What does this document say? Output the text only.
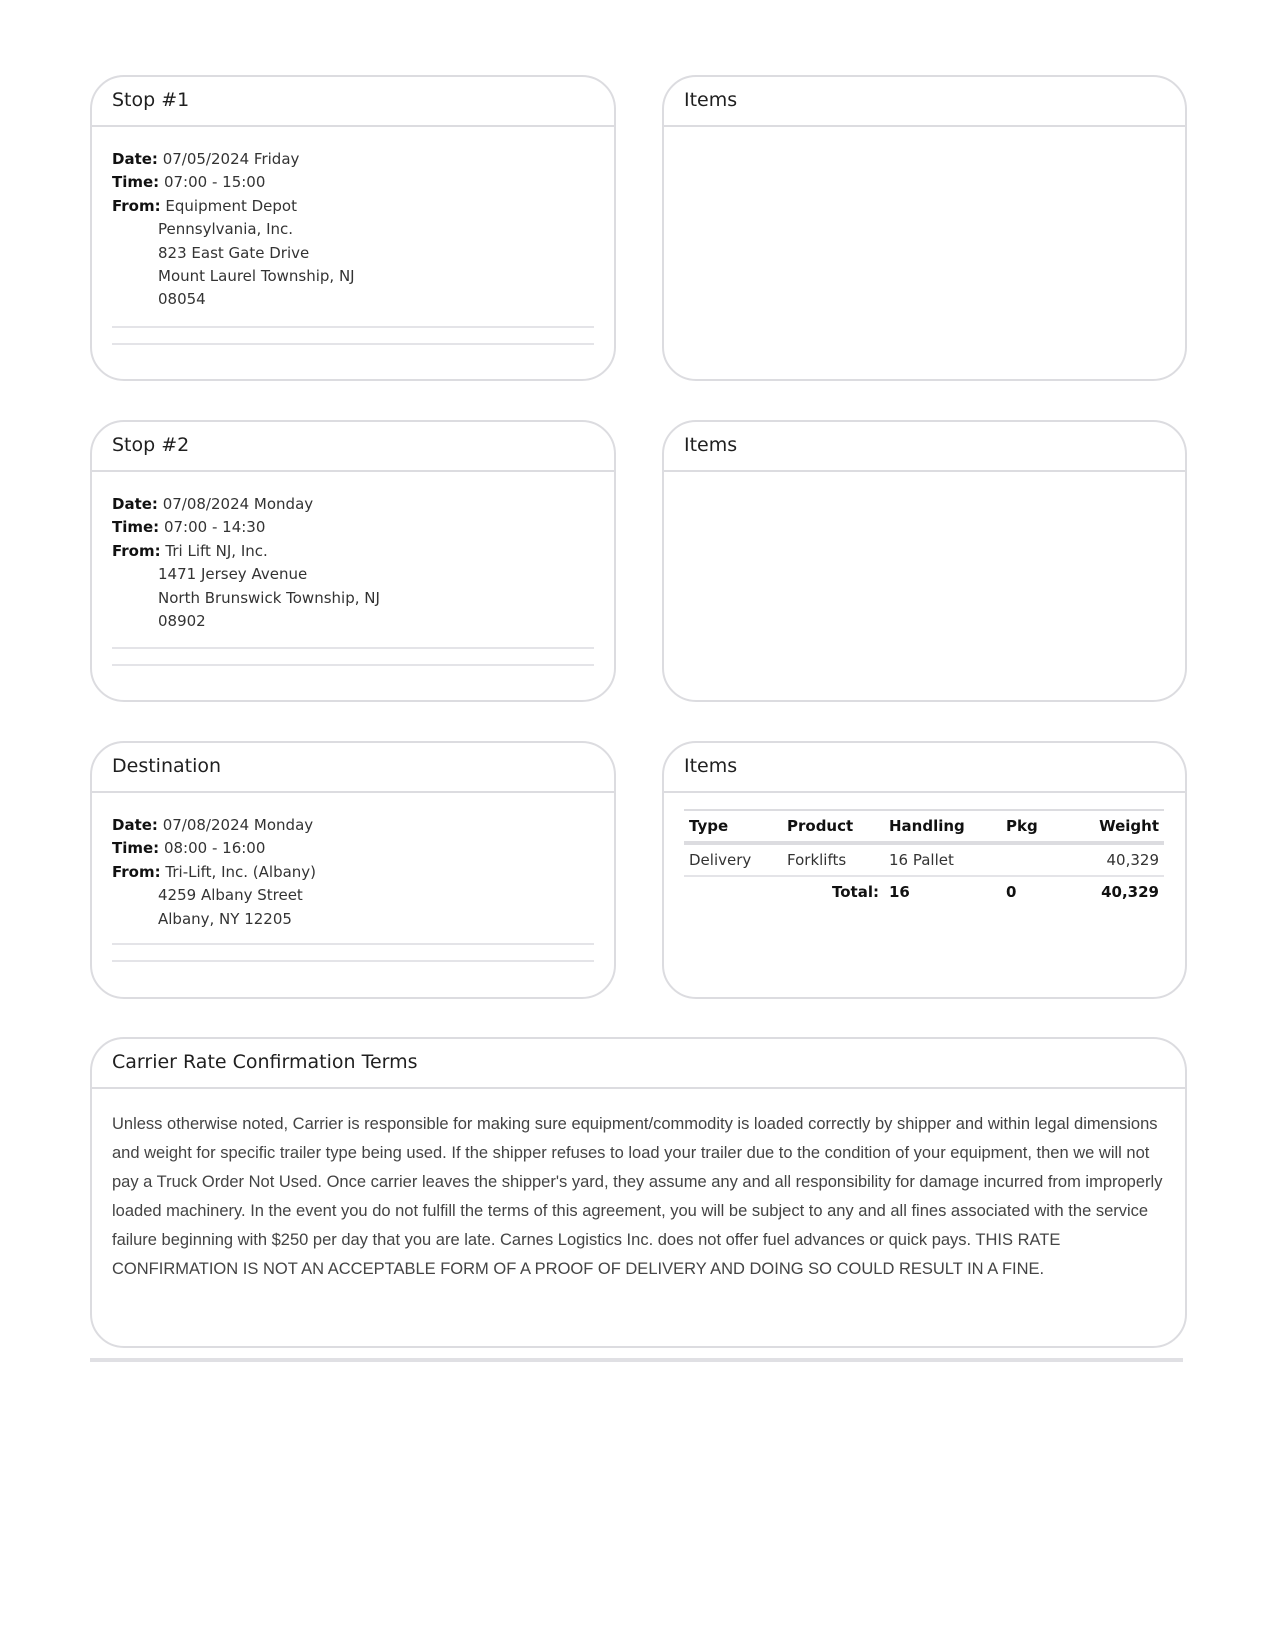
Stop #1
Date: 07/05/2024 Friday
Time: 07:00 - 15:00
From: Equipment Depot
Pennsylvania, Inc.
823 East Gate Drive
Mount Laurel Township, NJ
08054
Items
Stop #2
Date: 07/08/2024 Monday
Time: 07:00 - 14:30
From: Tri Lift NJ, Inc.
1471 Jersey Avenue
North Brunswick Township, NJ
08902
Items
Destination
Date: 07/08/2024 Monday
Time: 08:00 - 16:00
From: Tri-Lift, Inc. (Albany)
4259 Albany Street
Albany, NY 12205
Items
Type	Product	Handling	Pkg	Weight
Delivery	Forklifts	16 Pallet		40,329
	Total:	16	0	40,329
Carrier Rate Confirmation Terms
Unless otherwise noted, Carrier is responsible for making sure equipment/commodity is loaded correctly by shipper and within legal dimensions and weight for specific trailer type being used. If the shipper refuses to load your trailer due to the condition of your equipment, then we will not pay a Truck Order Not Used. Once carrier leaves the shipper's yard, they assume any and all responsibility for damage incurred from improperly loaded machinery. In the event you do not fulfill the terms of this agreement, you will be subject to any and all fines associated with the service failure beginning with $250 per day that you are late. Carnes Logistics Inc. does not offer fuel advances or quick pays. THIS RATE CONFIRMATION IS NOT AN ACCEPTABLE FORM OF A PROOF OF DELIVERY AND DOING SO COULD RESULT IN A FINE.
